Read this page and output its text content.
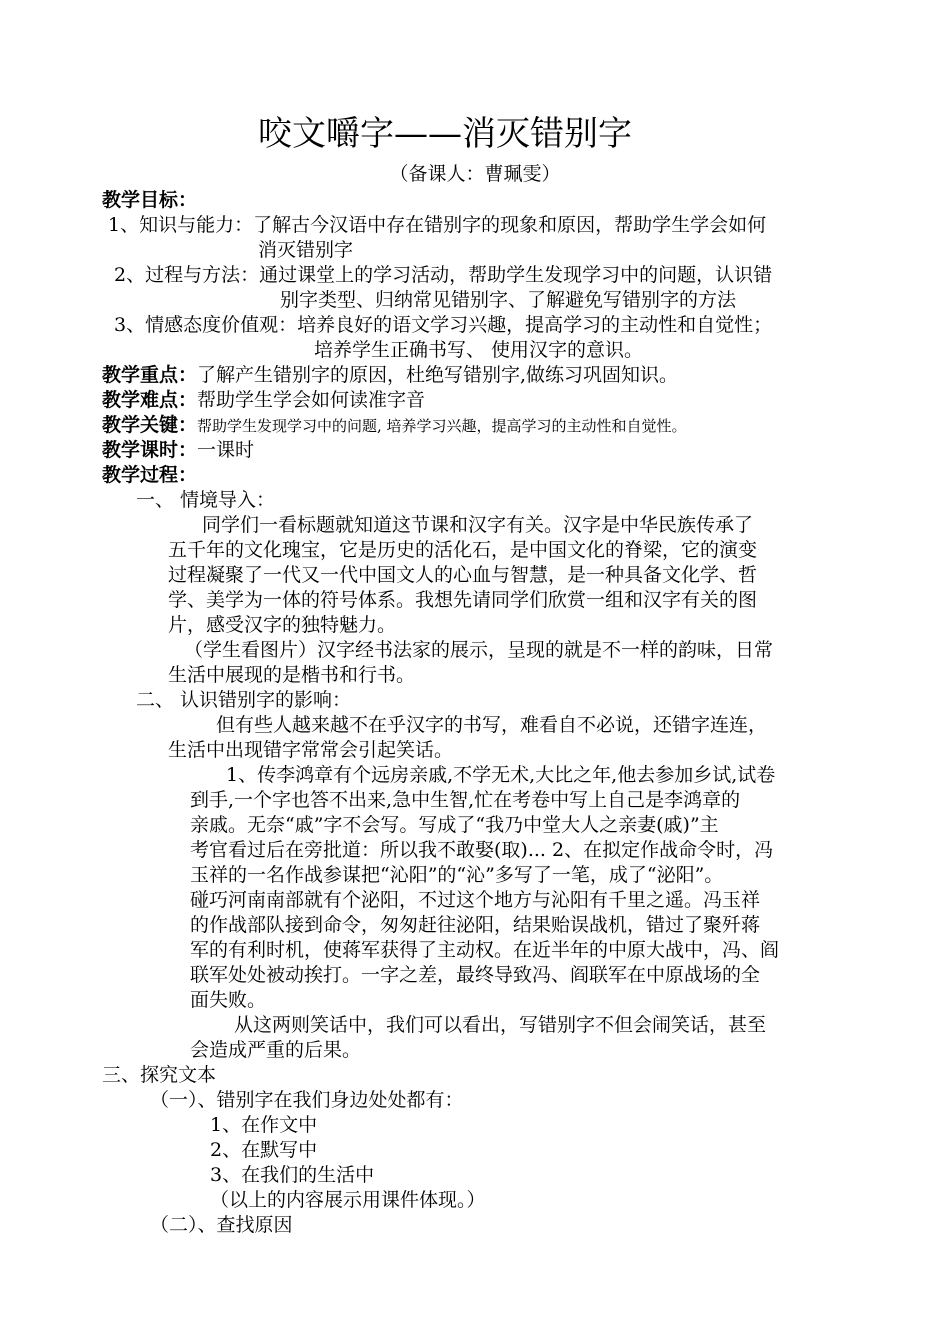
咬文嚼字——消灭错别字
（备课人：曹珮雯）
教学目标：
1、知识与能力：了解古今汉语中存在错别字的现象和原因，帮助学生学会如何
消灭错别字
2、过程与方法：通过课堂上的学习活动，帮助学生发现学习中的问题，认识错
别字类型、归纳常见错别字、了解避免写错别字的方法
3、情感态度价值观：培养良好的语文学习兴趣，提高学习的主动性和自觉性；
培养学生正确书写、 使用汉字的意识。
教学重点：了解产生错别字的原因，杜绝写错别字,做练习巩固知识。
教学难点：帮助学生学会如何读准字音
教学关键：帮助学生发现学习中的问题, 培养学习兴趣，提高学习的主动性和自觉性。
教学课时：一课时
教学过程：
一、 情境导入：
同学们一看标题就知道这节课和汉字有关。汉字是中华民族传承了
五千年的文化瑰宝，它是历史的活化石，是中国文化的脊梁，它的演变
过程凝聚了一代又一代中国文人的心血与智慧，是一种具备文化学、哲
学、美学为一体的符号体系。我想先请同学们欣赏一组和汉字有关的图
片，感受汉字的独特魅力。
（学生看图片）汉字经书法家的展示，呈现的就是不一样的韵味，日常
生活中展现的是楷书和行书。
二、 认识错别字的影响：
但有些人越来越不在乎汉字的书写，难看自不必说，还错字连连，
生活中出现错字常常会引起笑话。
1、传李鸿章有个远房亲戚,不学无术,大比之年,他去参加乡试,试卷
到手,一个字也答不出来,急中生智,忙在考卷中写上自己是李鸿章的
亲戚。无奈“戚”字不会写。写成了“我乃中堂大人之亲妻(戚)”主
考官看过后在旁批道：所以我不敢娶(取)... 2、在拟定作战命令时，冯
玉祥的一名作战参谋把“沁阳”的“沁”多写了一笔，成了“泌阳”。
碰巧河南南部就有个泌阳，不过这个地方与沁阳有千里之遥。冯玉祥
的作战部队接到命令，匆匆赶往泌阳，结果贻误战机，错过了聚歼蒋
军的有利时机，使蒋军获得了主动权。在近半年的中原大战中，冯、阎
联军处处被动挨打。一字之差，最终导致冯、阎联军在中原战场的全
面失败。
从这两则笑话中，我们可以看出，写错别字不但会闹笑话，甚至
会造成严重的后果。
三、探究文本
（一）、错别字在我们身边处处都有：
1、在作文中
2、在默写中
3、在我们的生活中
（以上的内容展示用课件体现。）
（二）、查找原因
